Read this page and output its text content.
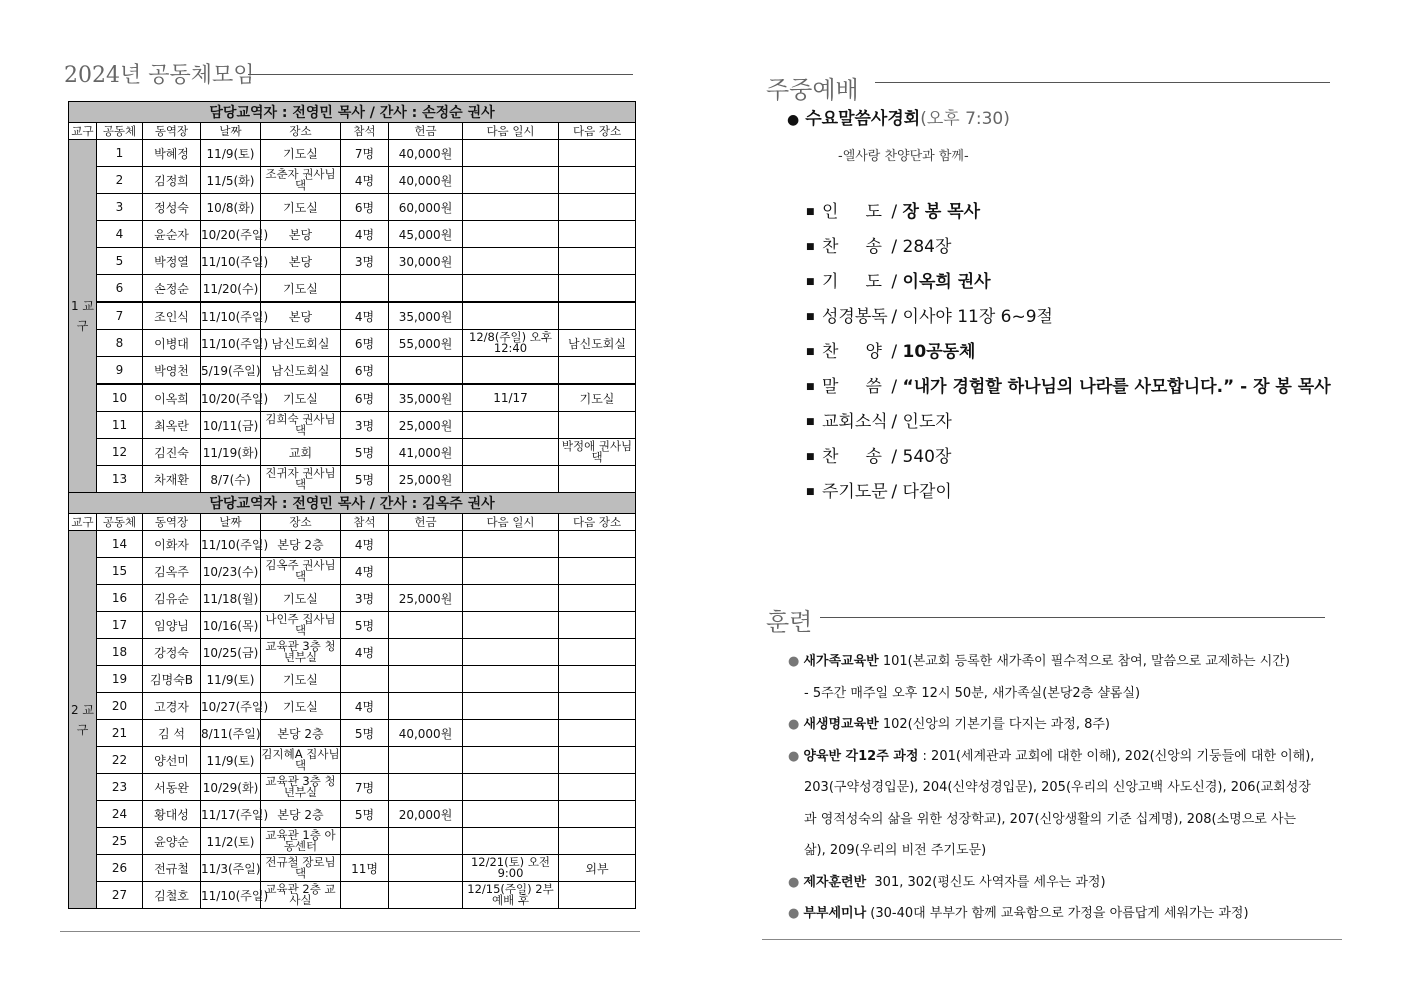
2024년 공동체모임
담당교역자 : 전영민 목사 / 간사 : 손정순 권사								
교구	공동체	동역장	날짜	장소	참석	헌금	다음 일시	다음 장소
1 교 구	1	박혜정	11/9(토)	기도실	7명	40,000원		
	2	김정희	11/5(화)	조춘자 권사님 댁	4명	40,000원		
	3	정성숙	10/8(화)	기도실	6명	60,000원		
	4	윤순자	10/20(주일)	본당	4명	45,000원		
	5	박정열	11/10(주일)	본당	3명	30,000원		
	6	손정순	11/20(수)	기도실				
	7	조인식	11/10(주일)	본당	4명	35,000원		
	8	이병대	11/10(주일)	남신도회실	6명	55,000원	12/8(주일) 오후 12:40	남신도회실
	9	박영천	5/19(주일)	남신도회실	6명			
	10	이옥희	10/20(주일)	기도실	6명	35,000원	11/17	기도실
	11	최옥란	10/11(금)	김희숙 권사님 댁	3명	25,000원		
	12	김진숙	11/19(화)	교회	5명	41,000원		박정애 권사님 댁
	13	차재환	8/7(수)	진귀자 권사님 댁	5명	25,000원		
담당교역자 : 전영민 목사 / 간사 : 김옥주 권사								
교구	공동체	동역장	날짜	장소	참석	헌금	다음 일시	다음 장소
2 교 구	14	이화자	11/10(주일)	본당 2층	4명			
	15	김옥주	10/23(수)	김옥주 권사님 댁	4명			
	16	김유순	11/18(월)	기도실	3명	25,000원		
	17	임양님	10/16(목)	나인주 집사님 댁	5명			
	18	강정숙	10/25(금)	교육관 3층 청년부실	4명			
	19	김명숙B	11/9(토)	기도실				
	20	고경자	10/27(주일)	기도실	4명			
	21	김 석	8/11(주일)	본당 2층	5명	40,000원		
	22	양선미	11/9(토)	김지혜A 집사님 댁				
	23	서동완	10/29(화)	교육관 3층 청년부실	7명			
	24	황대성	11/17(주일)	본당 2층	5명	20,000원		
	25	윤양순	11/2(토)	교육관 1층 아동센터				
	26	전규철	11/3(주일)	전규철 장로님 댁	11명		12/21(토) 오전 9:00	외부
	27	김철호	11/10(주일)	교육관 2층 교사실			12/15(주일) 2부예배 후	
주중예배
● 수요말씀사경회(오후 7:30)
-엘사랑 찬양단과 함께-
■ 인     도 / 장 봉 목사
■ 찬     송 / 284장
■ 기     도 / 이옥희 권사
■ 성경봉독 / 이사야 11장 6~9절
■ 찬     양 / 10공동체
■ 말     씀 / “내가 경험할 하나님의 나라를 사모합니다.” - 장 봉 목사
■ 교회소식 / 인도자
■ 찬     송 / 540장
■ 주기도문 / 다같이
훈련
● 새가족교육반 101(본교회 등록한 새가족이 필수적으로 참여, 말씀으로 교제하는 시간)
- 5주간 매주일 오후 12시 50분, 새가족실(본당2층 샬롬실)
● 새생명교육반 102(신앙의 기본기를 다지는 과정, 8주)
● 양육반 각12주 과정 : 201(세계관과 교회에 대한 이해), 202(신앙의 기둥들에 대한 이해),
203(구약성경입문), 204(신약성경입문), 205(우리의 신앙고백 사도신경), 206(교회성장
과 영적성숙의 삶을 위한 성장학교), 207(신앙생활의 기준 십계명), 208(소명으로 사는
삶), 209(우리의 비전 주기도문)
● 제자훈련반  301, 302(평신도 사역자를 세우는 과정)
● 부부세미나 (30-40대 부부가 함께 교육함으로 가정을 아름답게 세워가는 과정)
